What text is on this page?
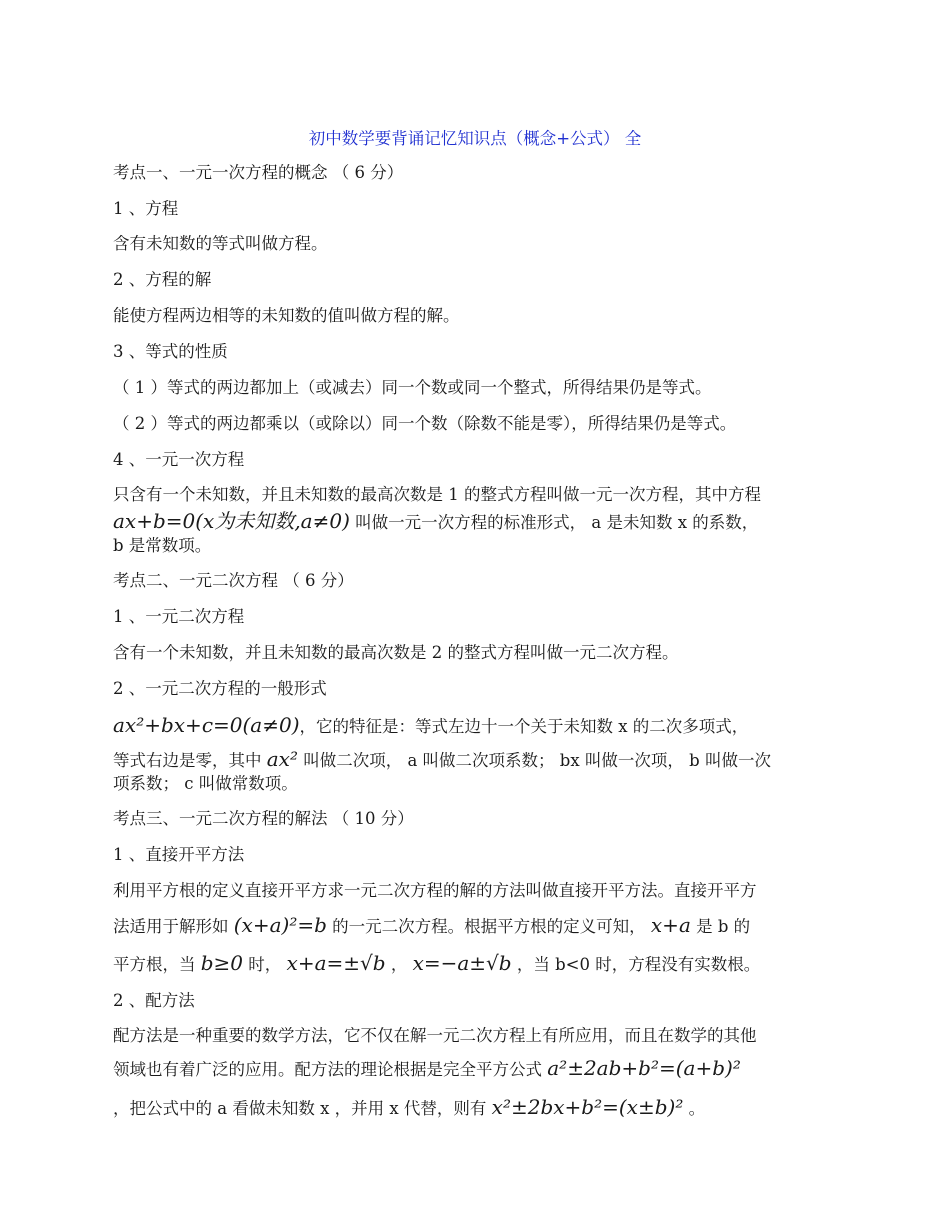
初中数学要背诵记忆知识点（概念+公式） 全

考点一、一元一次方程的概念 （ 6 分）

1 、方程

含有未知数的等式叫做方程。

2 、方程的解

能使方程两边相等的未知数的值叫做方程的解。

3 、等式的性质

（ 1 ）等式的两边都加上（或减去）同一个数或同一个整式，所得结果仍是等式。

（ 2 ）等式的两边都乘以（或除以）同一个数（除数不能是零），所得结果仍是等式。

4 、一元一次方程

只含有一个未知数，并且未知数的最高次数是 1 的整式方程叫做一元一次方程，其中方程

ax+b=0(x为未知数,a≠0) 叫做一元一次方程的标准形式， a 是未知数 x 的系数，

b 是常数项。

考点二、一元二次方程 （ 6 分）

1 、一元二次方程

含有一个未知数，并且未知数的最高次数是 2 的整式方程叫做一元二次方程。

2 、一元二次方程的一般形式

ax²+bx+c=0(a≠0)，它的特征是：等式左边十一个关于未知数 x 的二次多项式，

等式右边是零，其中 ax² 叫做二次项， a 叫做二次项系数； bx 叫做一次项， b 叫做一次

项系数； c 叫做常数项。

考点三、一元二次方程的解法 （ 10 分）

1 、直接开平方法

利用平方根的定义直接开平方求一元二次方程的解的方法叫做直接开平方法。直接开平方

法适用于解形如 (x+a)²=b 的一元二次方程。根据平方根的定义可知， x+a 是 b 的

平方根，当 b≥0 时， x+a=±√b ， x=−a±√b ，当 b<0 时，方程没有实数根。

2 、配方法

配方法是一种重要的数学方法，它不仅在解一元二次方程上有所应用，而且在数学的其他

领域也有着广泛的应用。配方法的理论根据是完全平方公式 a²±2ab+b²=(a+b)²

，把公式中的 a 看做未知数 x ，并用 x 代替，则有 x²±2bx+b²=(x±b)² 。
